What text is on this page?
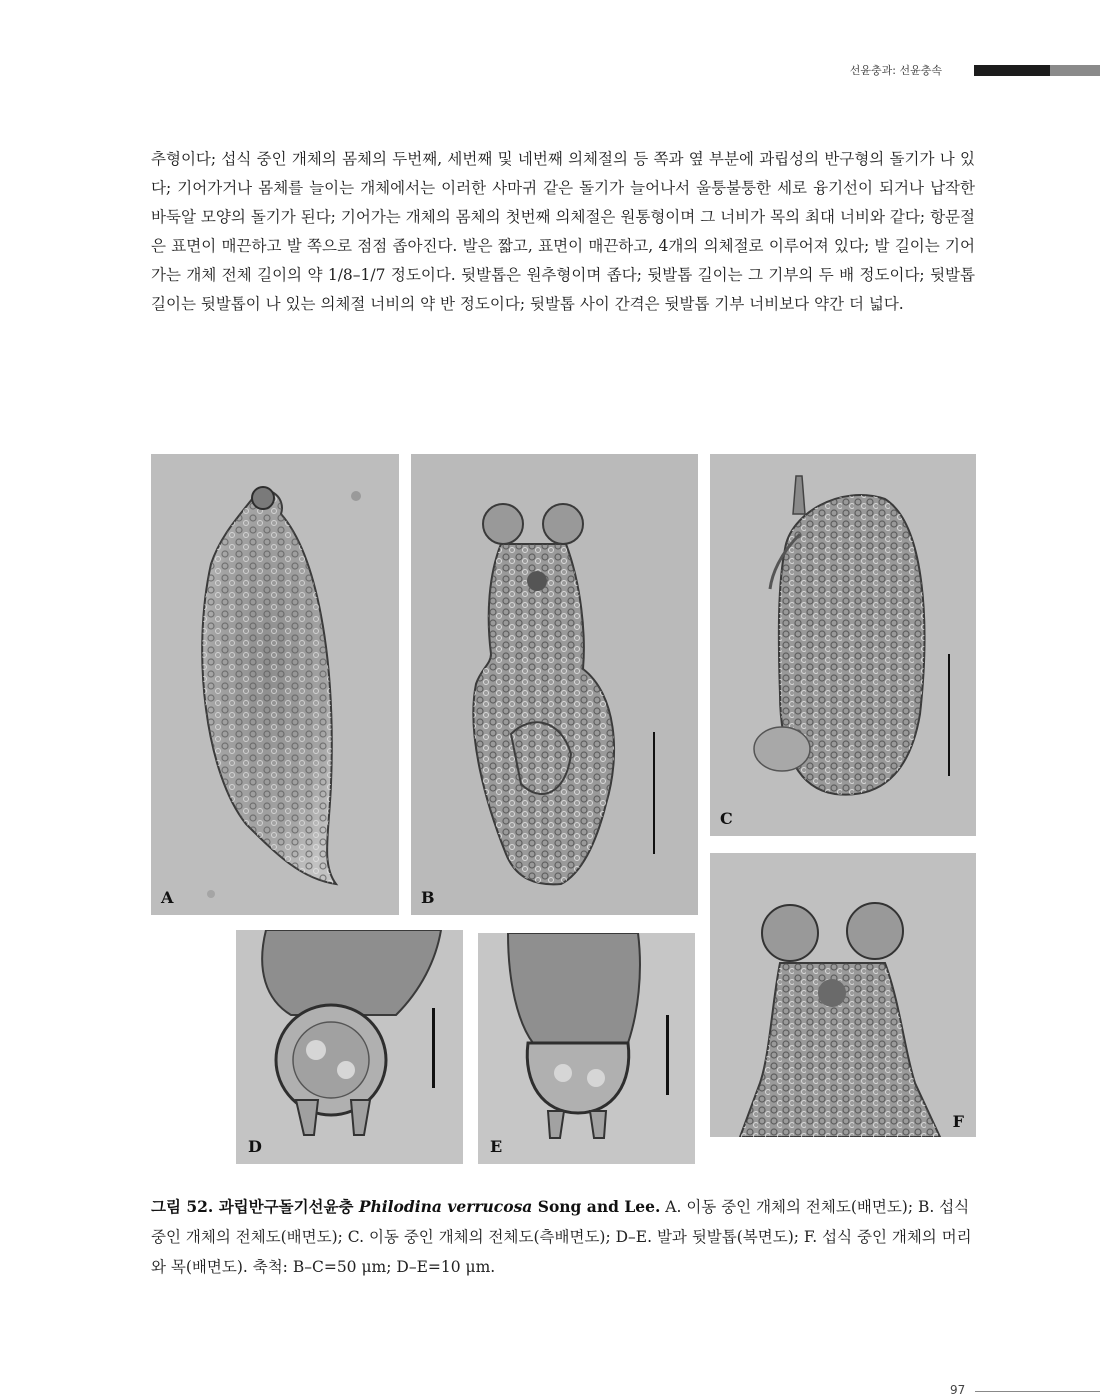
선윤충과: 선윤충속

추형이다; 섭식 중인 개체의 몸체의 두번째, 세번째 및 네번째 의체절의 등 쪽과 옆 부분에 과립성의 반구형의 돌기가 나 있다; 기어가거나 몸체를 늘이는 개체에서는 이러한 사마귀 같은 돌기가 늘어나서 울퉁불퉁한 세로 융기선이 되거나 납작한 바둑알 모양의 돌기가 된다; 기어가는 개체의 몸체의 첫번째 의체절은 원통형이며 그 너비가 목의 최대 너비와 같다; 항문절은 표면이 매끈하고 발 쪽으로 점점 좁아진다. 발은 짧고, 표면이 매끈하고, 4개의 의체절로 이루어져 있다; 발 길이는 기어가는 개체 전체 길이의 약 1/8–1/7 정도이다. 뒷발톱은 원추형이며 좁다; 뒷발톱 길이는 그 기부의 두 배 정도이다; 뒷발톱 길이는 뒷발톱이 나 있는 의체절 너비의 약 반 정도이다; 뒷발톱 사이 간격은 뒷발톱 기부 너비보다 약간 더 넓다.

A	B
C
D	E
F

그림 52. 과립반구돌기선윤충 Philodina verrucosa Song and Lee. A. 이동 중인 개체의 전체도(배면도); B. 섭식 중인 개체의 전체도(배면도); C. 이동 중인 개체의 전체도(측배면도); D–E. 발과 뒷발톱(복면도); F. 섭식 중인 개체의 머리와 목(배면도). 축척: B–C=50 μm; D–E=10 μm.

97
